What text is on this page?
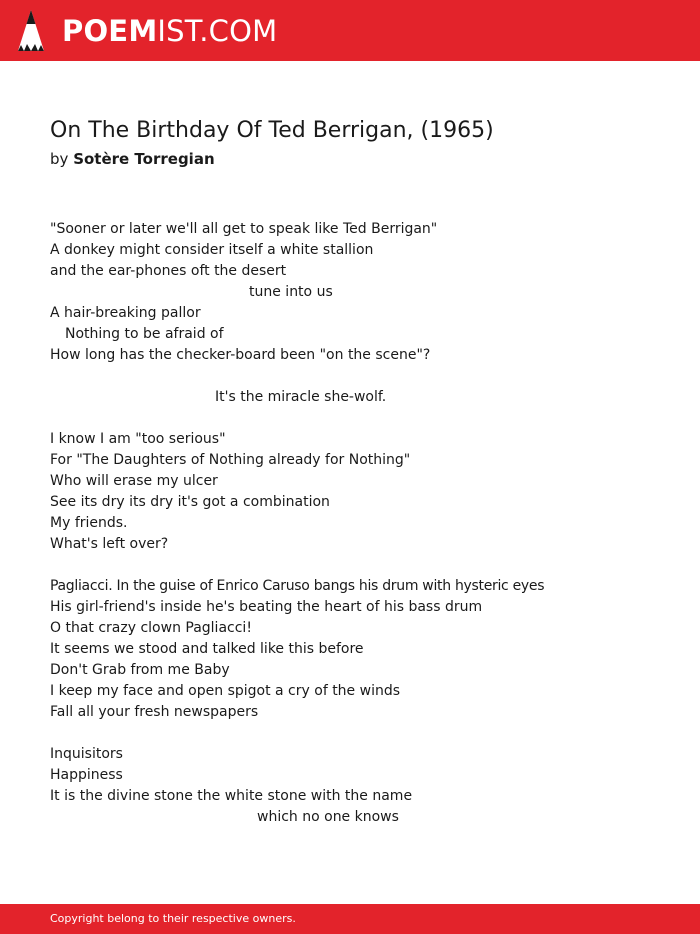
POEMIST.COM
On The Birthday Of Ted Berrigan, (1965)
by Sotère Torregian
"Sooner or later we'll all get to speak like Ted Berrigan"
A donkey might consider itself a white stallion
and the ear-phones oft the desert
tune into us
A hair-breaking pallor
Nothing to be afraid of
How long has the checker-board been "on the scene"?
It's the miracle she-wolf.
I know I am "too serious"
For "The Daughters of Nothing already for Nothing"
Who will erase my ulcer
See its dry its dry it's got a combination
My friends.
What's left over?
Pagliacci. In the guise of Enrico Caruso bangs his drum with hysteric eyes
His girl-friend's inside he's beating the heart of his bass drum
O that crazy clown Pagliacci!
It seems we stood and talked like this before
Don't Grab from me Baby
I keep my face and open spigot a cry of the winds
Fall all your fresh newspapers
Inquisitors
Happiness
It is the divine stone the white stone with the name
which no one knows
Copyright belong to their respective owners.
